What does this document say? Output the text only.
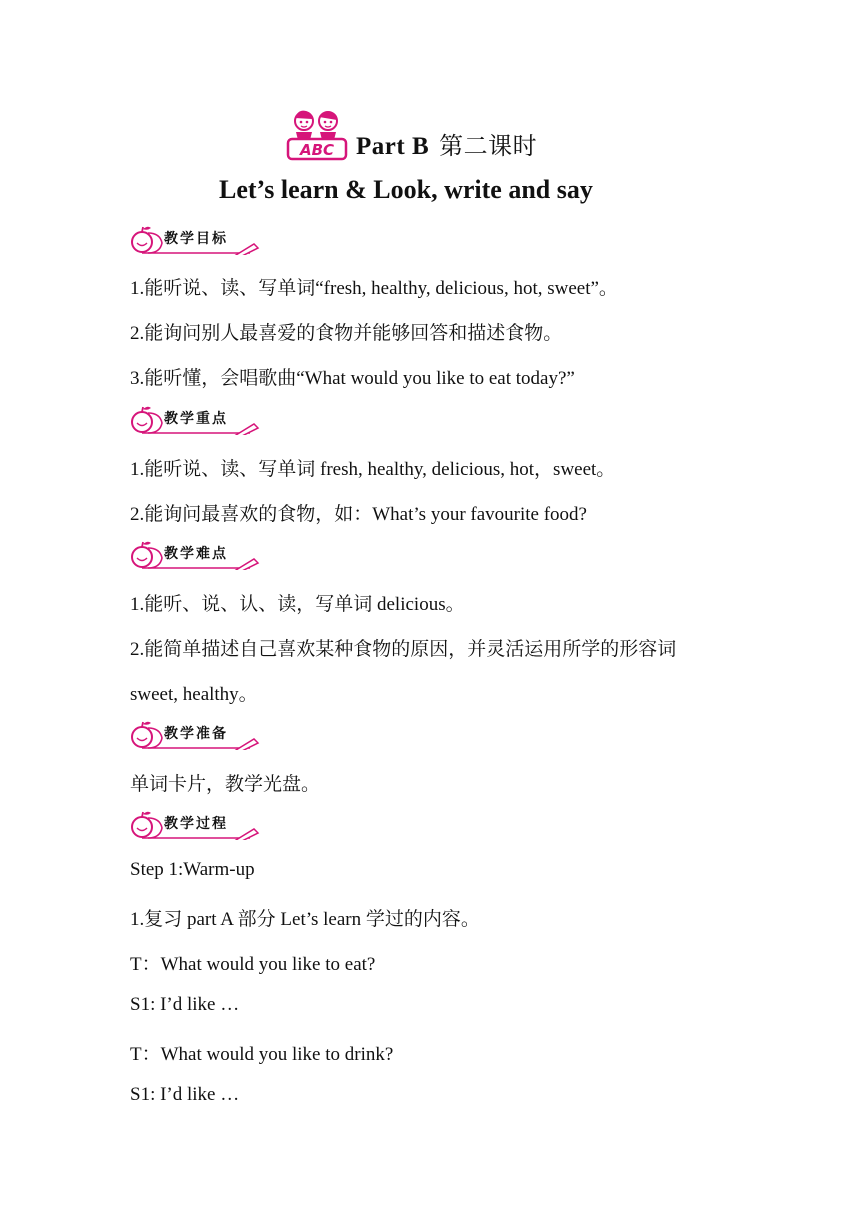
ABC Part B 第二课时
Let’s learn & Look, write and say
教学目标
1.能听说、读、写单词“fresh, healthy, delicious, hot, sweet”。
2.能询问别人最喜爱的食物并能够回答和描述食物。
3.能听懂，会唱歌曲“What would you like to eat today?”
教学重点
1.能听说、读、写单词 fresh, healthy, delicious, hot，sweet。
2.能询问最喜欢的食物，如：What’s your favourite food?
教学难点
1.能听、说、认、读，写单词 delicious。
2.能简单描述自己喜欢某种食物的原因，并灵活运用所学的形容词
sweet, healthy。
教学准备
单词卡片，教学光盘。
教学过程
Step 1:Warm-up
1.复习 part A 部分 Let’s learn 学过的内容。
T：What would you like to eat?
S1: I’d like …
T：What would you like to drink?
S1: I’d like …
